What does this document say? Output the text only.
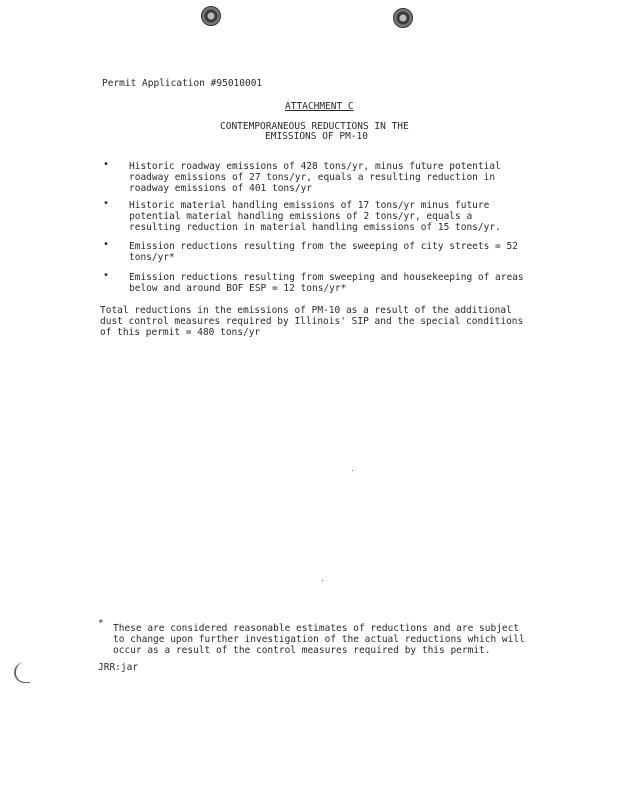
Permit Application #95010001
ATTACHMENT C
CONTEMPORANEOUS REDUCTIONS IN THE
EMISSIONS OF PM-10
• Historic roadway emissions of 428 tons/yr, minus future potential
roadway emissions of 27 tons/yr, equals a resulting reduction in
roadway emissions of 401 tons/yr
• Historic material handling emissions of 17 tons/yr minus future
potential material handling emissions of 2 tons/yr, equals a
resulting reduction in material handling emissions of 15 tons/yr.
• Emission reductions resulting from the sweeping of city streets = 52
tons/yr*
• Emission reductions resulting from sweeping and housekeeping of areas
below and around BOF ESP = 12 tons/yr*
Total reductions in the emissions of PM-10 as a result of the additional
dust control measures required by Illinois' SIP and the special conditions
of this permit = 480 tons/yr
* These are considered reasonable estimates of reductions and are subject
to change upon further investigation of the actual reductions which will
occur as a result of the control measures required by this permit.
JRR:jar
